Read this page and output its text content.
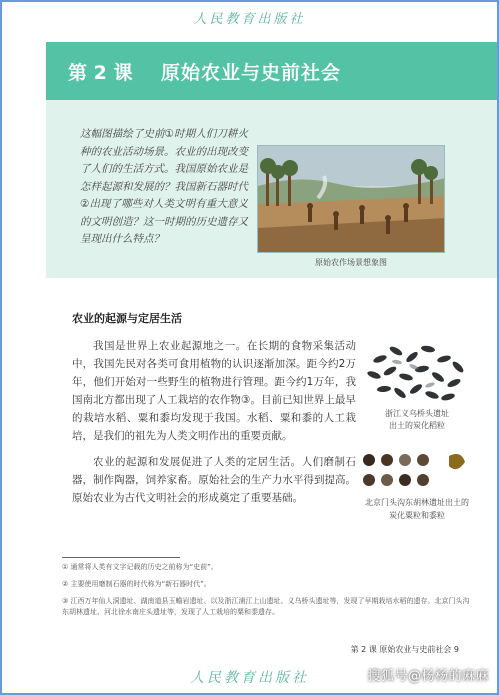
人民教育出版社
第 2 课 原始农业与史前社会

这幅图描绘了史前①时期人们刀耕火种的农业活动场景。农业的出现改变了人们的生活方式。我国原始农业是怎样起源和发展的？我国新石器时代②出现了哪些对人类文明有重大意义的文明创造？这一时期的历史遗存又呈现出什么特点？

原始农作场景想象图
农业的起源与定居生活

我国是世界上农业起源地之一。在长期的食物采集活动中，我国先民对各类可食用植物的认识逐渐加深。距今约2万年，他们开始对一些野生的植物进行管理。距今约1万年，我国南北方都出现了人工栽培的农作物③。目前已知世界上最早的栽培水稻、粟和黍均发现于我国。水稻、粟和黍的人工栽培，是我们的祖先为人类文明作出的重要贡献。

农业的起源和发展促进了人类的定居生活。人们磨制石器，制作陶器，饲养家畜。原始社会的生产力水平得到提高。原始农业为古代文明社会的形成奠定了重要基础。

浙江义乌桥头遗址
出土的炭化稻粒
北京门头沟东胡林遗址出土的
炭化粟粒和黍粒

① 通常将人类有文字记载的历史之前称为“史前”。

② 主要使用磨制石器的时代称为“新石器时代”。

③ 江西万年仙人洞遗址、湖南道县玉蟾岩遗址、以及浙江浦江上山遗址、义乌桥头遗址等，发现了早期栽培水稻的遗存。北京门头沟东胡林遗址、河北徐水南庄头遗址等，发现了人工栽培的粟和黍遗存。

第 2 课 原始农业与史前社会 9
人民教育出版社	搜狐号@杨杨的麻麻
